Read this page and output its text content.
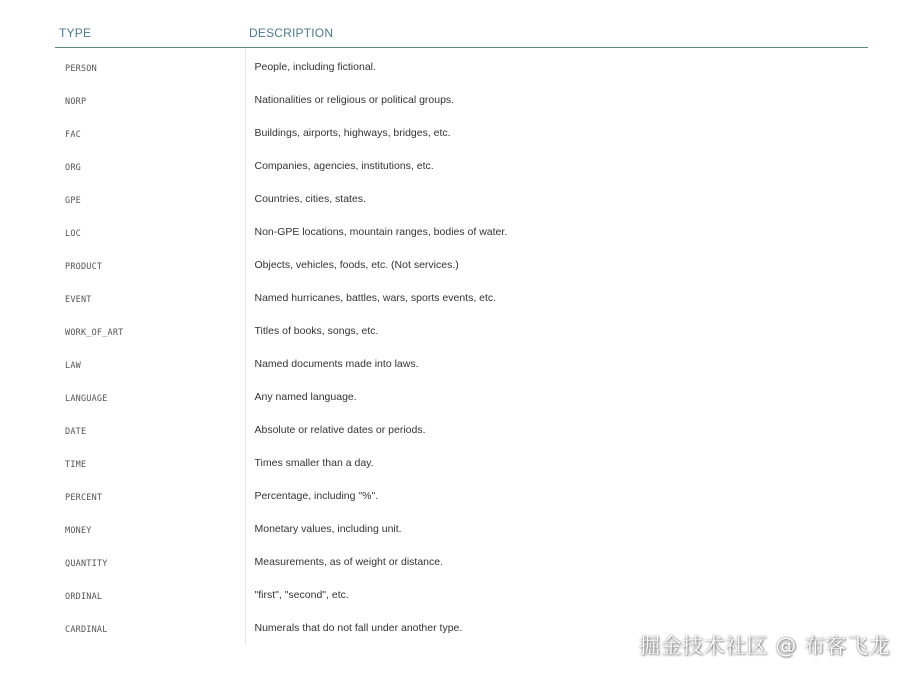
TYPE	DESCRIPTION
PERSON	People, including fictional.
NORP	Nationalities or religious or political groups.
FAC	Buildings, airports, highways, bridges, etc.
ORG	Companies, agencies, institutions, etc.
GPE	Countries, cities, states.
LOC	Non-GPE locations, mountain ranges, bodies of water.
PRODUCT	Objects, vehicles, foods, etc. (Not services.)
EVENT	Named hurricanes, battles, wars, sports events, etc.
WORK_OF_ART	Titles of books, songs, etc.
LAW	Named documents made into laws.
LANGUAGE	Any named language.
DATE	Absolute or relative dates or periods.
TIME	Times smaller than a day.
PERCENT	Percentage, including "%".
MONEY	Monetary values, including unit.
QUANTITY	Measurements, as of weight or distance.
ORDINAL	"first", "second", etc.
CARDINAL	Numerals that do not fall under another type.
掘金技术社区 @ 布客飞龙
